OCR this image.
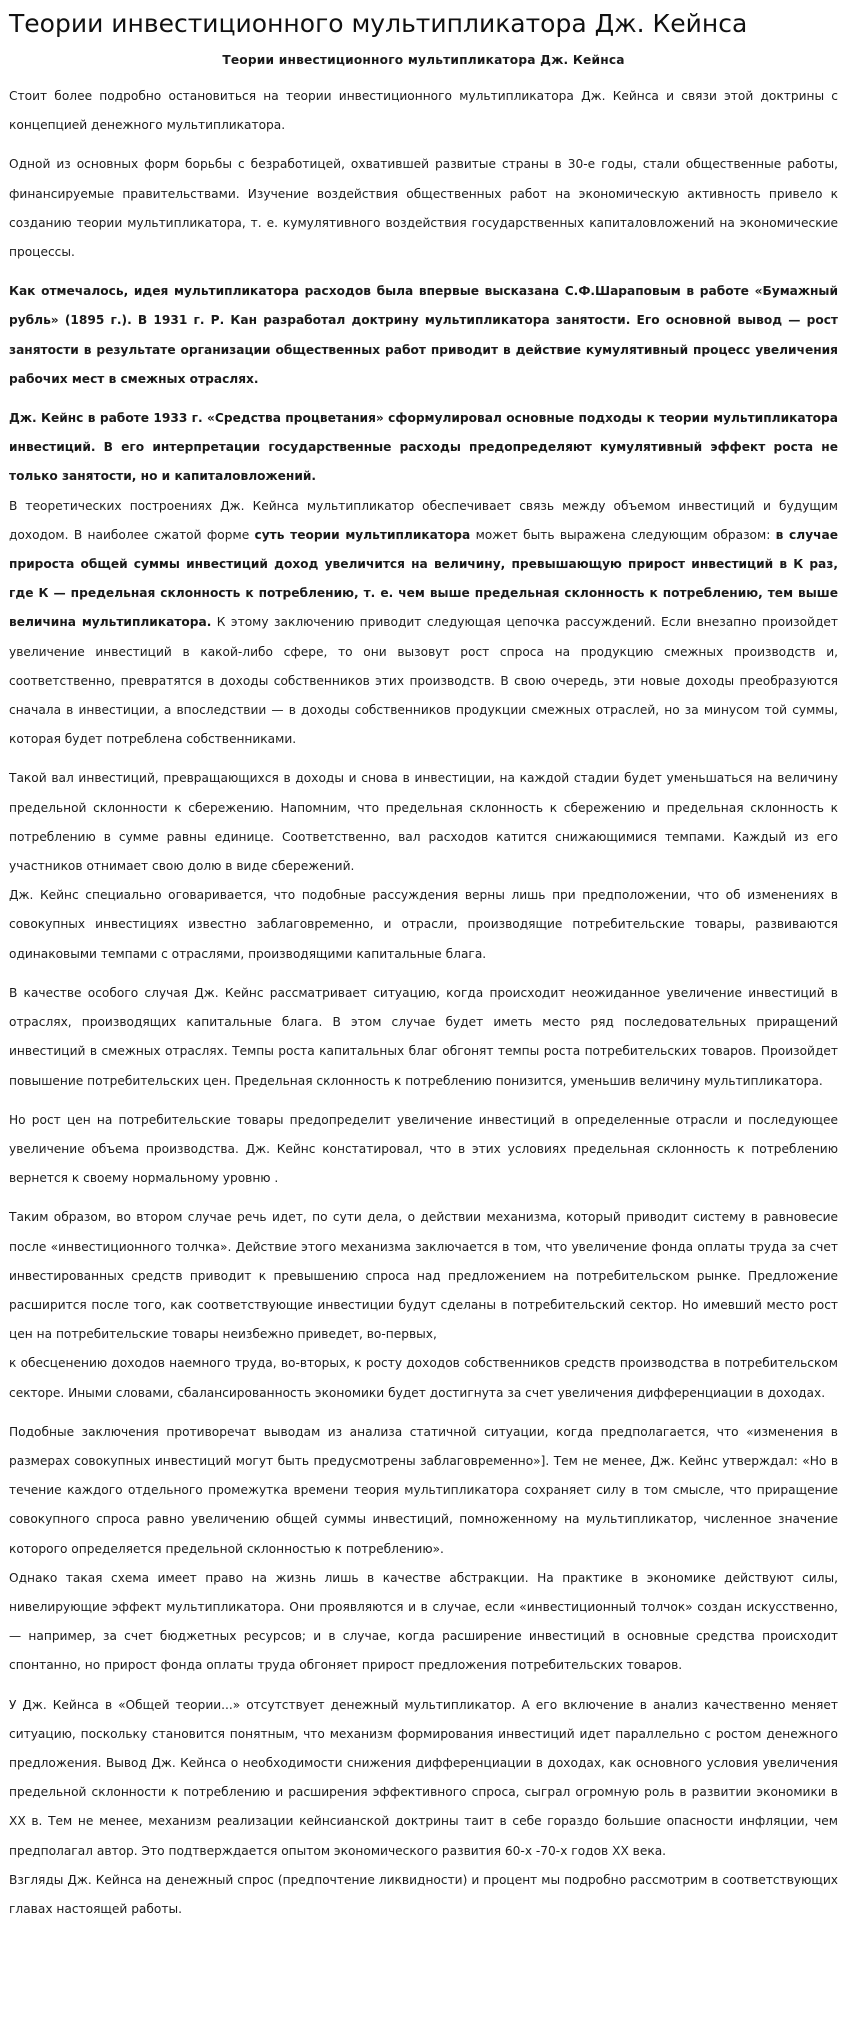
Теории инвестиционного мультипликатора Дж. Кейнса
Теории инвестиционного мультипликатора Дж. Кейнса

Стоит более подробно остановиться на теории инвестиционного мультипликатора Дж. Кейнса и связи этой доктрины с концепцией денежного мультипликатора.

Одной из основных форм борьбы с безработицей, охватившей развитые страны в 30-е годы, стали общественные работы, финансируемые правительствами. Изучение воздействия общественных работ на экономическую активность привело к созданию теории мультипликатора, т. е. кумулятивного воздействия государственных капиталовложений на экономические процессы.

Как отмечалось, идея мультипликатора расходов была впервые высказана С.Ф.Шараповым в работе «Бумажный рубль» (1895 г.). В 1931 г. Р. Кан разработал доктрину мультипликатора занятости. Его основной вывод — рост занятости в результате организации общественных работ приводит в действие кумулятивный процесс увеличения рабочих мест в смежных отраслях.

Дж. Кейнс в работе 1933 г. «Средства процветания» сформулировал основные подходы к теории мультипликатора инвестиций. В его интерпретации государственные расходы предопределяют кумулятивный эффект роста не только занятости, но и капиталовложений.

В теоретических построениях Дж. Кейнса мультипликатор обеспечивает связь между объемом инвестиций и будущим доходом. В наиболее сжатой форме суть теории мультипликатора может быть выражена следующим образом: в случае прироста общей суммы инвестиций доход увеличится на величину, превышающую прирост инвестиций в К раз, где К — предельная склонность к потреблению, т. е. чем выше предельная склонность к потреблению, тем выше величина мультипликатора. К этому заключению приводит следующая цепочка рассуждений. Если внезапно произойдет увеличение инвестиций в какой-либо сфере, то они вызовут рост спроса на продукцию смежных производств и, соответственно, превратятся в доходы собственников этих производств. В свою очередь, эти новые доходы преобразуются сначала в инвестиции, а впоследствии — в доходы собственников продукции смежных отраслей, но за минусом той суммы, которая будет потреблена собственниками.

Такой вал инвестиций, превращающихся в доходы и снова в инвестиции, на каждой стадии будет уменьшаться на величину предельной склонности к сбережению. Напомним, что предельная склонность к сбережению и предельная склонность к потреблению в сумме равны единице. Соответственно, вал расходов катится снижающимися темпами. Каждый из его участников отнимает свою долю в виде сбережений.

Дж. Кейнс специально оговаривается, что подобные рассуждения верны лишь при предположении, что об изменениях в совокупных инвестициях известно заблаговременно, и отрасли, производящие потребительские товары, развиваются одинаковыми темпами с отраслями, производящими капитальные блага.

В качестве особого случая Дж. Кейнс рассматривает ситуацию, когда происходит неожиданное увеличение инвестиций в отраслях, производящих капитальные блага. В этом случае будет иметь место ряд последовательных приращений инвестиций в смежных отраслях. Темпы роста капитальных благ обгонят темпы роста потребительских товаров. Произойдет повышение потребительских цен. Предельная склонность к потреблению понизится, уменьшив величину мультипликатора.

Но рост цен на потребительские товары предопределит увеличение инвестиций в определенные отрасли и последующее увеличение объема производства. Дж. Кейнс констатировал, что в этих условиях предельная склонность к потреблению вернется к своему нормальному уровню .

Таким образом, во втором случае речь идет, по сути дела, о действии механизма, который приводит систему в равновесие после «инвестиционного толчка». Действие этого механизма заключается в том, что увеличение фонда оплаты труда за счет инвестированных средств приводит к превышению спроса над предложением на потребительском рынке. Предложение расширится после того, как соответствующие инвестиции будут сделаны в потребительский сектор. Но имевший место рост цен на потребительские товары неизбежно приведет, во-первых,

к обесценению доходов наемного труда, во-вторых, к росту доходов собственников средств производства в потребительском секторе. Иными словами, сбалансированность экономики будет достигнута за счет увеличения дифференциации в доходах.

Подобные заключения противоречат выводам из анализа статичной ситуации, когда предполагается, что «изменения в размерах совокупных инвестиций могут быть предусмотрены заблаговременно»]. Тем не менее, Дж. Кейнс утверждал: «Но в течение каждого отдельного промежутка времени теория мультипликатора сохраняет силу в том смысле, что приращение совокупного спроса равно увеличению общей суммы инвестиций, помноженному на мультипликатор, численное значение которого определяется предельной склонностью к потреблению».

Однако такая схема имеет право на жизнь лишь в качестве абстракции. На практике в экономике действуют силы, нивелирующие эффект мультипликатора. Они проявляются и в случае, если «инвестиционный толчок» создан искусственно, — например, за счет бюджетных ресурсов; и в случае, когда расширение инвестиций в основные средства происходит спонтанно, но прирост фонда оплаты труда обгоняет прирост предложения потребительских товаров.

У Дж. Кейнса в «Общей теории...» отсутствует денежный мультипликатор. А его включение в анализ качественно меняет ситуацию, поскольку становится понятным, что механизм формирования инвестиций идет параллельно с ростом денежного предложения. Вывод Дж. Кейнса о необходимости снижения дифференциации в доходах, как основного условия увеличения предельной склонности к потреблению и расширения эффективного спроса, сыграл огромную роль в развитии экономики в XX в. Тем не менее, механизм реализации кейнсианской доктрины таит в себе гораздо большие опасности инфляции, чем предполагал автор. Это подтверждается опытом экономического развития 60-х -70-х годов XX века.

Взгляды Дж. Кейнса на денежный спрос (предпочтение ликвидности) и процент мы подробно рассмотрим в соответствующих главах настоящей работы.
